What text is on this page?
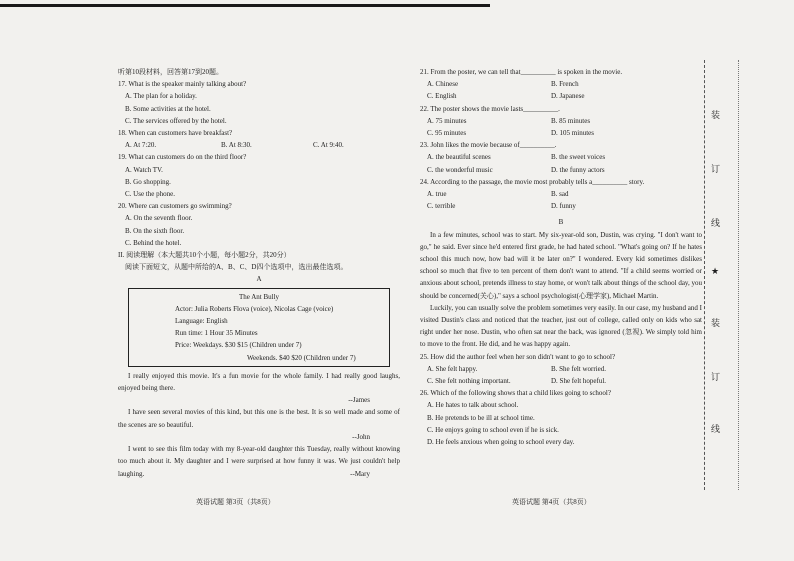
听第10段材料，回答第17到20题。
17. What is the speaker mainly talking about?
A. The plan for a holiday.
B. Some activities at the hotel.
C. The services offered by the hotel.
18. When can customers have breakfast?
A. At 7:20.	B. At 8:30.	C. At 9:40.
19. What can customers do on the third floor?
A. Watch TV.
B. Go shopping.
C. Use the phone.
20. Where can customers go swimming?
A. On the seventh floor.
B. On the sixth floor.
C. Behind the hotel.
II. 阅读理解（本大题共10个小题，每小题2分，共20分）
阅读下面短文，从题中所给的A、B、C、D四个选项中，选出最佳选项。
A
The Ant Bully
Actor: Julia Roberts Flova (voice), Nicolas Cage (voice)
Language: English
Run time: 1 Hour 35 Minutes
Price: Weekdays. $30 $15 (Children under 7)
Weekends. $40 $20 (Children under 7)
I really enjoyed this movie. It's a fun movie for the whole family. I had really good laughs, enjoyed being there.
--James
I have seen several movies of this kind, but this one is the best. It is so well made and some of the scenes are so beautiful.
--John
I went to see this film today with my 8-year-old daughter this Tuesday, really without knowing too much about it. My daughter and I were surprised at how funny it was. We just couldn't help laughing.	--Mary
英语试题 第3页（共8页）
21. From the poster, we can tell that__________ is spoken in the movie.
A. Chinese	B. French
C. English	D. Japanese
22. The poster shows the movie lasts__________.
A. 75 minutes	B. 85 minutes
C. 95 minutes	D. 105 minutes
23. John likes the movie because of__________.
A. the beautiful scenes	B. the sweet voices
C. the wonderful music	D. the funny actors
24. According to the passage, the movie most probably tells a__________ story.
A. true	B. sad
C. terrible	D. funny
B
In a few minutes, school was to start. My six-year-old son, Dustin, was crying. "I don't want to go," he said. Ever since he'd entered first grade, he had hated school. "What's going on? If he hates school this much now, how bad will it be later on?" I wondered. Every kid sometimes dislikes school so much that five to ten percent of them don't want to attend. "If a child seems worried or anxious about school, pretends illness to stay home, or won't talk about things of the school day, you should be concerned(关心)," says a school psychologist(心理学家), Michael Martin.
Luckily, you can usually solve the problem sometimes very easily. In our case, my husband and I visited Dustin's class and noticed that the teacher, just out of college, called only on kids who sat right under her nose. Dustin, who often sat near the back, was ignored (忽视). We simply told him to move to the front. He did, and he was happy again.
25. How did the author feel when her son didn't want to go to school?
A. She felt happy.	B. She felt worried.
C. She felt nothing important.	D. She felt hopeful.
26. Which of the following shows that a child likes going to school?
A. He hates to talk about school.
B. He pretends to be ill at school time.
C. He enjoys going to school even if he is sick.
D. He feels anxious when going to school every day.
英语试题 第4页（共8页）
装
订
线
★
装
订
线
